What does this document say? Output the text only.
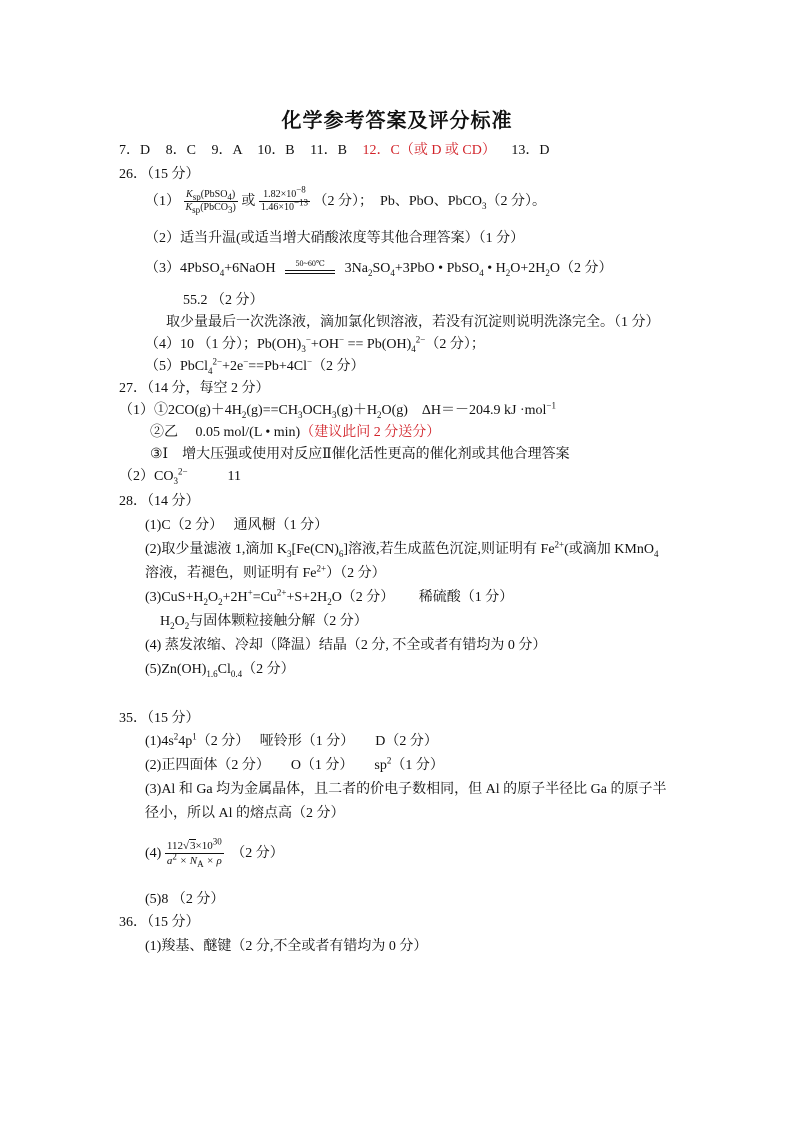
化学参考答案及评分标准
7．D 8．C 9．A 10．B 11．B 12．C（或 D 或 CD） 13．D
26．（15 分）
$(1) \frac{K_{sp}(PbSO_4)}{K_{sp}(PbCO_3)}$ 或 $\frac{1.82\times 10^{-8}}{1.46\times 10^{-13}} (2$ 分）；　Pb、PbO、PbCO$_3$（2 分）。
（2）适当升温(或适当增大硝酸浓度等其他合理答案）（1 分）
（3）4PbSO$_4$+6NaOH	50~60℃	$3Na_2SO_4+3PbO$ • PbSO$_4$ • $H_2O+2H_2O(2$ 分）
55.2 （2 分）
取少量最后一次洗涤液，滴加氯化钡溶液，若没有沉淀则说明洗涤完全。（1 分）
（4）10 （1 分）；$Pb(OH)_3^-+OH^- == Pb(OH)_4^{2-}(2$ 分）；
（5）PbCl$_4^{2-}$+2e−==Pb+4Cl−（2 分）
27．（14 分，每空 2 分）
$(1)①2CO(g)+4H_2(g)==CH_3OCH_3(g)+H_2O(g)$　ΔH＝－204.9 kJ ·mol$^{-1}$
②乙　 0.05 mol/(L • min)（建议此问 2 分送分）
③Ⅰ　增大压强或使用对反应Ⅱ催化活性更高的催化剂或其他合理答案
$(2)CO_3^{2-}$	11
28．（14 分）
(1)C（2 分）　 通风橱（1 分）
(2)取少量滤液 1,滴加 $K_3[Fe(CN)_6]$溶液,若生成蓝色沉淀,则证明有 $Fe^{2+}$(或滴加 KMnO$_4$
溶液，若褪色，则证明有 $Fe^{2+})(2$ 分）
$(3)CuS+H_2O_2+2H^+=Cu^{2+}+S+2H_2O(2$ 分）　　 稀硫酸（1 分）
$H_2O_2$与固体颗粒接触分解（2 分）
(4) 蒸发浓缩、冷却（降温）结晶（2 分, 不全或者有错均为 0 分）
$(5)Zn(OH)_{1.6}Cl_{0.4}(2$ 分）
35．（15 分）
$(1)4s^24p^1(2$ 分）　 哑铃形（1 分）　　D（2 分）
(2)正四面体（2 分）　　O（1 分）　　$sp^2(1$ 分）
(3)Al 和 Ga 均为金属晶体，且二者的价电子数相同，但 Al 的原子半径比 Ga 的原子半
径小，所以 Al 的熔点高（2 分）
$(4) \frac{112√3\times 10^{30}}{a^2 \times N_A \times \rho} (2$ 分）
(5)8 （2 分）
36．（15 分）
(1)羧基、醚键（2 分,不全或者有错均为 0 分）
